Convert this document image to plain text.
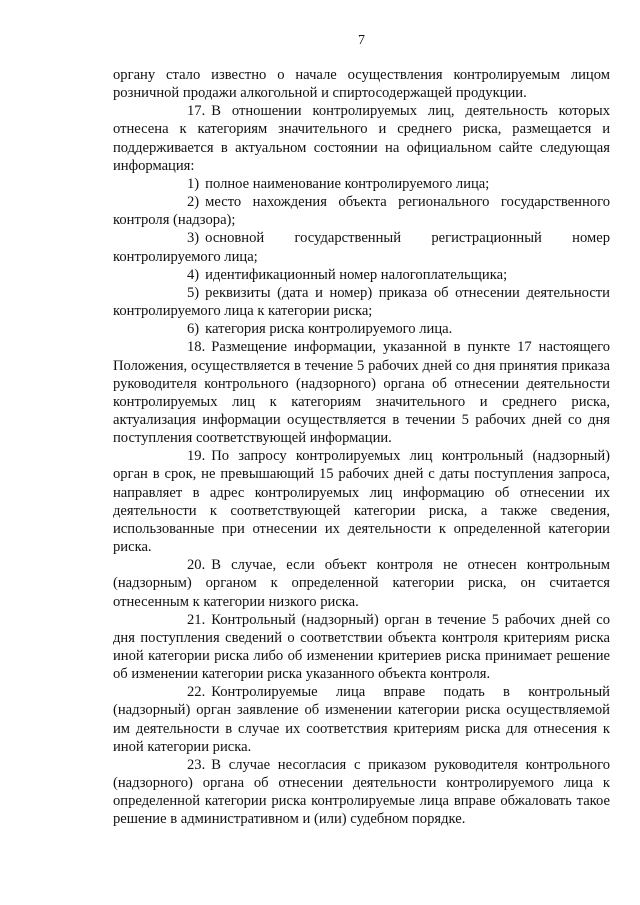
7

органу стало известно о начале осуществления контролируемым лицом розничной продажи алкогольной и спиртосодержащей продукции.

17. В отношении контролируемых лиц, деятельность которых отнесена к категориям значительного и среднего риска, размещается и поддерживается в актуальном состоянии на официальном сайте следующая информация:

1) полное наименование контролируемого лица;

2) место нахождения объекта регионального государственного контроля (надзора);

3) основной государственный регистрационный номер контролируемого лица;

4) идентификационный номер налогоплательщика;

5) реквизиты (дата и номер) приказа об отнесении деятельности контролируемого лица к категории риска;

6) категория риска контролируемого лица.

18. Размещение информации, указанной в пункте 17 настоящего Положения, осуществляется в течение 5 рабочих дней со дня принятия приказа руководителя контрольного (надзорного) органа об отнесении деятельности контролируемых лиц к категориям значительного и среднего риска, актуализация информации осуществляется в течении 5 рабочих дней со дня поступления соответствующей информации.

19. По запросу контролируемых лиц контрольный (надзорный) орган в срок, не превышающий 15 рабочих дней с даты поступления запроса, направляет в адрес контролируемых лиц информацию об отнесении их деятельности к соответствующей категории риска, а также сведения, использованные при отнесении их деятельности к определенной категории риска.

20. В случае, если объект контроля не отнесен контрольным (надзорным) органом к определенной категории риска, он считается отнесенным к категории низкого риска.

21. Контрольный (надзорный) орган в течение 5 рабочих дней со дня поступления сведений о соответствии объекта контроля критериям риска иной категории риска либо об изменении критериев риска принимает решение об изменении категории риска указанного объекта контроля.

22. Контролируемые лица вправе подать в контрольный (надзорный) орган заявление об изменении категории риска осуществляемой им деятельности в случае их соответствия критериям риска для отнесения к иной категории риска.

23. В случае несогласия с приказом руководителя контрольного (надзорного) органа об отнесении деятельности контролируемого лица к определенной категории риска контролируемые лица вправе обжаловать такое решение в административном и (или) судебном порядке.
